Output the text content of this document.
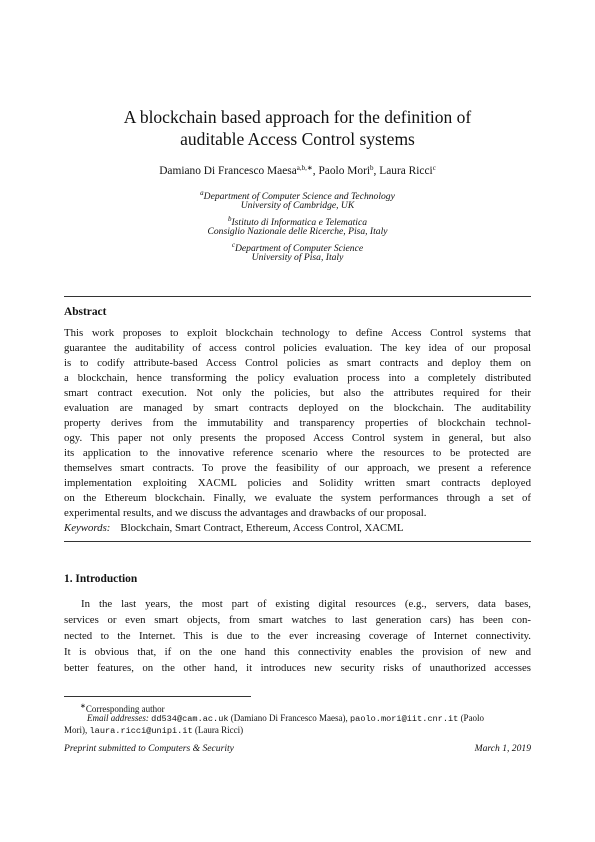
A blockchain based approach for the definition of
auditable Access Control systems
Damiano Di Francesco Maesa$^{a,b,∗}$, Paolo Mori$^b$, Laura Ricci$^c$
$^a$Department of Computer Science and Technology
University of Cambridge, UK
$^b$Istituto di Informatica e Telematica
Consiglio Nazionale delle Ricerche, Pisa, Italy
$^c$Department of Computer Science
University of Pisa, Italy
Abstract
This work proposes to exploit blockchain technology to define Access Control systems that
guarantee the auditability of access control policies evaluation. The key idea of our proposal
is to codify attribute-based Access Control policies as smart contracts and deploy them on
a blockchain, hence transforming the policy evaluation process into a completely distributed
smart contract execution. Not only the policies, but also the attributes required for their
evaluation are managed by smart contracts deployed on the blockchain. The auditability
property derives from the immutability and transparency properties of blockchain technol-
ogy. This paper not only presents the proposed Access Control system in general, but also
its application to the innovative reference scenario where the resources to be protected are
themselves smart contracts. To prove the feasibility of our approach, we present a reference
implementation exploiting XACML policies and Solidity written smart contracts deployed
on the Ethereum blockchain. Finally, we evaluate the system performances through a set of
experimental results, and we discuss the advantages and drawbacks of our proposal.
Keywords: Blockchain, Smart Contract, Ethereum, Access Control, XACML
1. Introduction
In the last years, the most part of existing digital resources (e.g., servers, data bases,
services or even smart objects, from smart watches to last generation cars) has been con-
nected to the Internet. This is due to the ever increasing coverage of Internet connectivity.
It is obvious that, if on the one hand this connectivity enables the provision of new and
better features, on the other hand, it introduces new security risks of unauthorized accesses
∗Corresponding author
Email addresses: dd534@cam.ac.uk (Damiano Di Francesco Maesa), paolo.mori@iit.cnr.it (Paolo
Mori), laura.ricci@unipi.it (Laura Ricci)
Preprint submitted to Computers & Security	March 1, 2019
